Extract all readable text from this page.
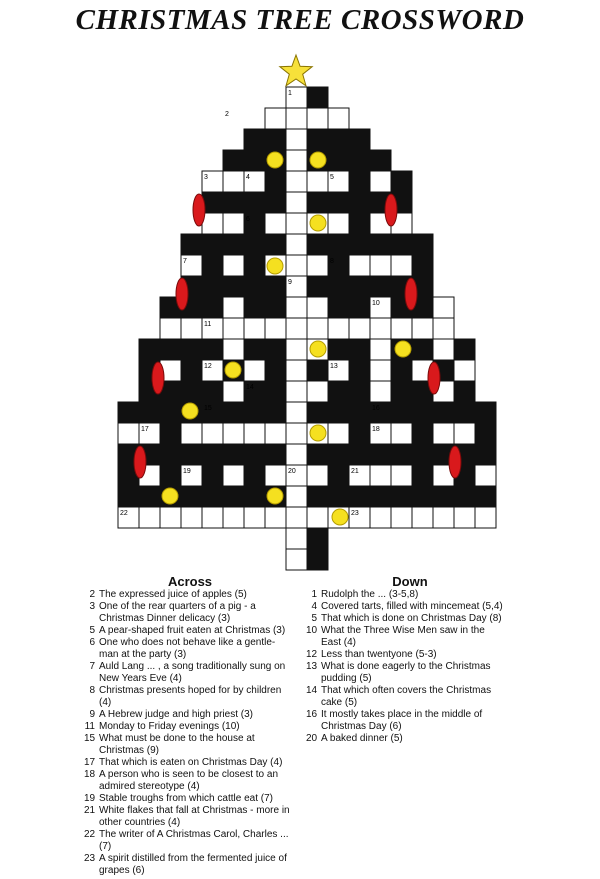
CHRISTMAS TREE CROSSWORD
1
2
3	4	5
6
7	8
9
10
11
12	13
14
15	16
17	18
19	20	21
22	23
Across	Down
2 The expressed juice of apples (5)
3 One of the rear quarters of a pig - a Christmas Dinner delicacy (3)
5 A pear-shaped fruit eaten at Christmas (3)
6 One who does not behave like a gentle-man at the party (3)
7 Auld Lang ... , a song traditionally sung on New Years Eve (4)
8 Christmas presents hoped for by children (4)
9 A Hebrew judge and high priest (3)
11 Monday to Friday evenings (10)
15 What must be done to the house at Christmas (9)
17 That which is eaten on Christmas Day (4)
18 A person who is seen to be closest to an admired stereotype (4)
19 Stable troughs from which cattle eat (7)
21 White flakes that fall at Christmas - more in other countries (4)
22 The writer of A Christmas Carol, Charles ... (7)
23 A spirit distilled from the fermented juice of grapes (6)
1 Rudolph the ... (3-5,8)
4 Covered tarts, filled with mincemeat (5,4)
5 That which is done on Christmas Day (8)
10 What the Three Wise Men saw in the East (4)
12 Less than twentyone (5-3)
13 What is done eagerly to the Christmas pudding (5)
14 That which often covers the Christmas cake (5)
16 It mostly takes place in the middle of Christmas Day (6)
20 A baked dinner (5)
